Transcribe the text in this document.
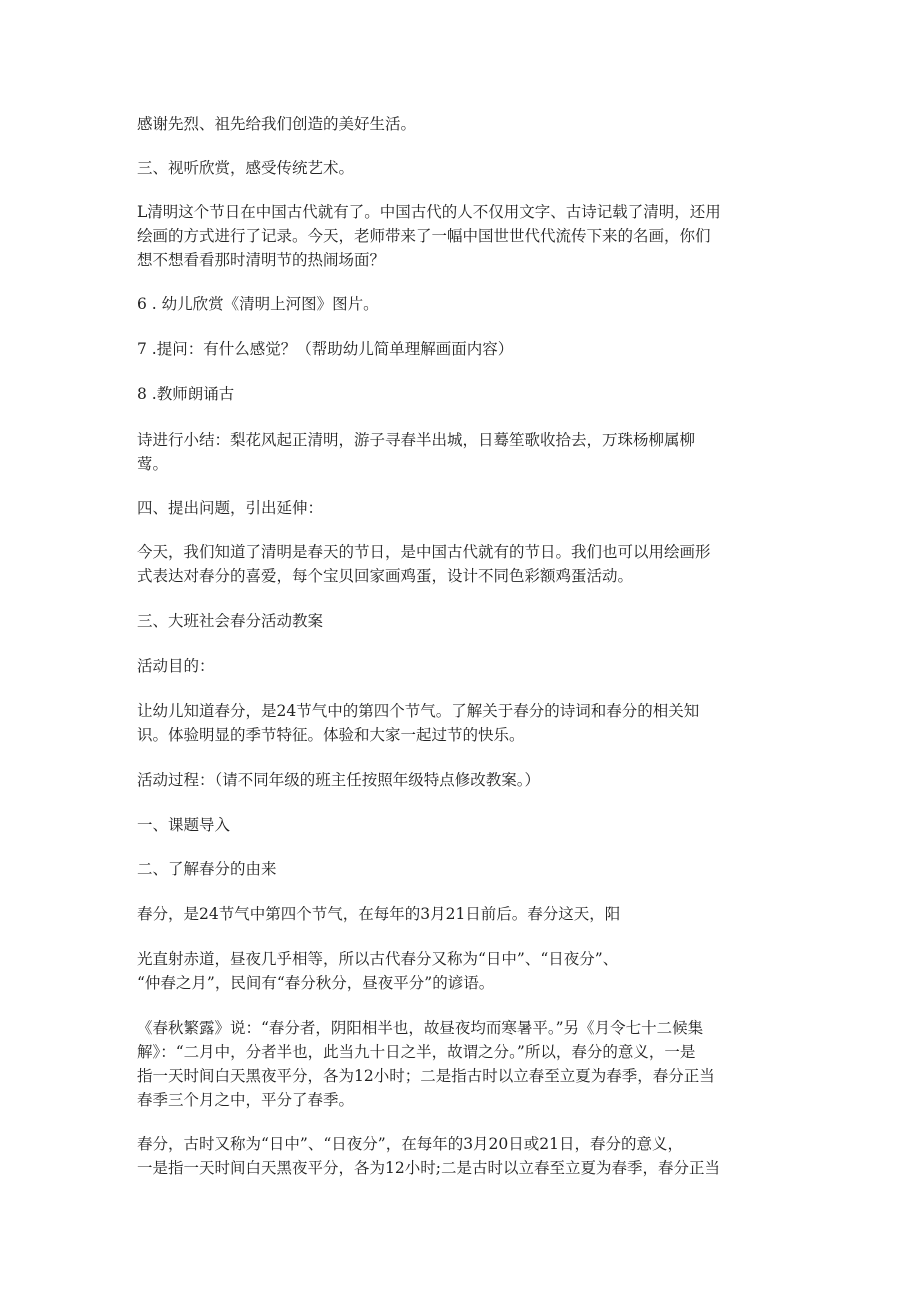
感谢先烈、祖先给我们创造的美好生活。

三、视听欣赏，感受传统艺术。

L清明这个节日在中国古代就有了。中国古代的人不仅用文字、古诗记载了清明，还用
绘画的方式进行了记录。今天，老师带来了一幅中国世世代代流传下来的名画，你们
想不想看看那时清明节的热闹场面？

6 . 幼儿欣赏《清明上河图》图片。

7 .提问：有什么感觉？（帮助幼儿简单理解画面内容）

8 .教师朗诵古

诗进行小结：梨花风起正清明，游子寻春半出城，日蓦笙歌收拾去，万珠杨柳属柳
莺。

四、提出问题，引出延伸：

今天，我们知道了清明是春天的节日，是中国古代就有的节日。我们也可以用绘画形
式表达对春分的喜爱，每个宝贝回家画鸡蛋，设计不同色彩额鸡蛋活动。

三、大班社会春分活动教案

活动目的：

让幼儿知道春分，是24节气中的第四个节气。了解关于春分的诗词和春分的相关知
识。体验明显的季节特征。体验和大家一起过节的快乐。

活动过程：（请不同年级的班主任按照年级特点修改教案。）

一、课题导入

二、了解春分的由来

春分，是24节气中第四个节气，在每年的3月21日前后。春分这天，阳

光直射赤道，昼夜几乎相等，所以古代春分又称为“日中”、“日夜分”、
“仲春之月”，民间有“春分秋分，昼夜平分”的谚语。

《春秋繁露》说：“春分者，阴阳相半也，故昼夜均而寒暑平。”另《月令七十二候集
解》：“二月中，分者半也，此当九十日之半，故谓之分。”所以，春分的意义，一是
指一天时间白天黑夜平分，各为12小时；二是指古时以立春至立夏为春季，春分正当
春季三个月之中，平分了春季。

春分，古时又称为“日中”、“日夜分”，在每年的3月20日或21日，春分的意义，
一是指一天时间白天黑夜平分，各为12小时;二是古时以立春至立夏为春季，春分正当
